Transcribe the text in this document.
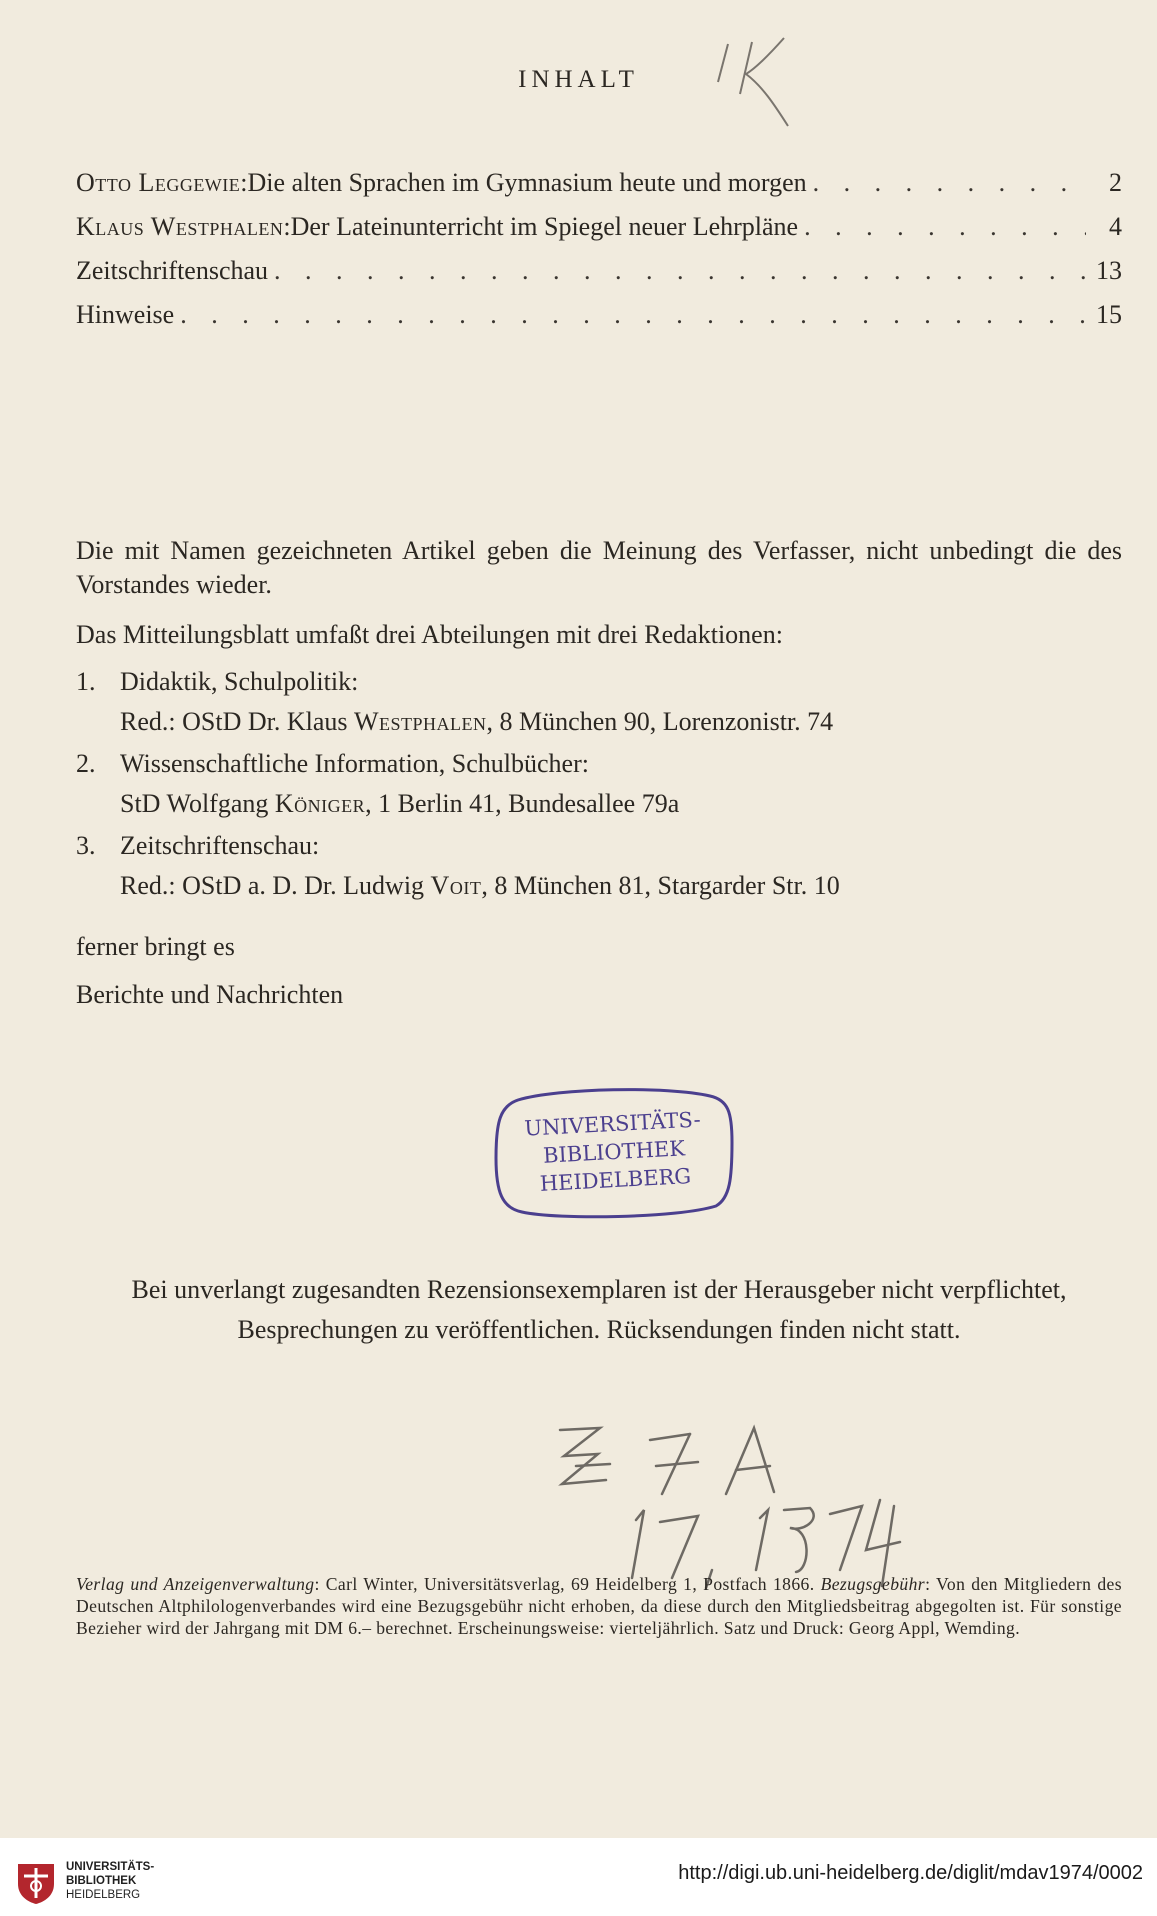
INHALT
Otto Leggewie : Die alten Sprachen im Gymnasium heute und morgen . . .	2
Klaus Westphalen : Der Lateinunterricht im Spiegel neuer Lehrpläne . . .	4
Zeitschriftenschau . . .	13
Hinweise . . .	15
Die mit Namen gezeichneten Artikel geben die Meinung des Verfasser, nicht unbedingt die des Vorstandes wieder.
Das Mitteilungsblatt umfaßt drei Abteilungen mit drei Redaktionen:
1. Didaktik, Schulpolitik:
Red.: OStD Dr. Klaus Westphalen, 8 München 90, Lorenzonistr. 74
2. Wissenschaftliche Information, Schulbücher:
StD Wolfgang Königer, 1 Berlin 41, Bundesallee 79a
3. Zeitschriftenschau:
Red.: OStD a. D. Dr. Ludwig Voit, 8 München 81, Stargarder Str. 10
ferner bringt es
Berichte und Nachrichten
UNIVERSITÄTS-
BIBLIOTHEK
HEIDELBERG
Bei unverlangt zugesandten Rezensionsexemplaren ist der Herausgeber nicht verpflichtet,
Besprechungen zu veröffentlichen. Rücksendungen finden nicht statt.
Verlag und Anzeigenverwaltung: Carl Winter, Universitätsverlag, 69 Heidelberg 1, Postfach 1866. Bezugsgebühr: Von den Mitgliedern des Deutschen Altphilologenverbandes wird eine Bezugsgebühr nicht erhoben, da diese durch den Mitgliedsbeitrag abgegolten ist. Für sonstige Bezieher wird der Jahrgang mit DM 6.– berechnet. Erscheinungsweise: vierteljährlich. Satz und Druck: Georg Appl, Wemding.
UNIVERSITÄTS-
BIBLIOTHEK
HEIDELBERG
http://digi.ub.uni-heidelberg.de/diglit/mdav1974/0002
